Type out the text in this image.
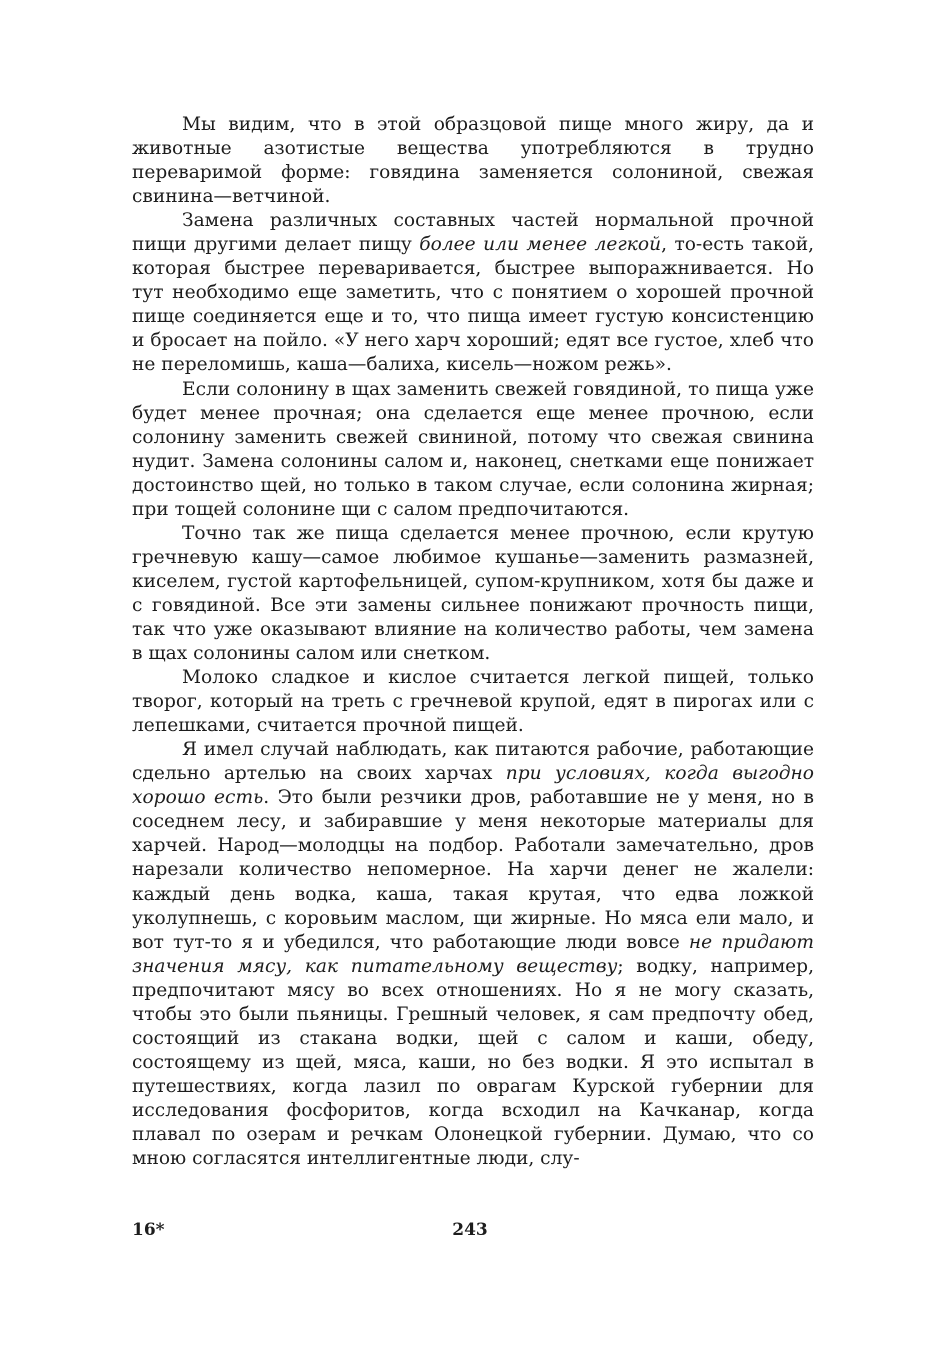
Мы видим, что в этой образцовой пище много жиру, да и животные азотистые вещества употребляются в трудно переваримой форме: говядина заменяется солониной, свежая свинина—ветчиной.

Замена различных составных частей нормальной прочной пищи другими делает пищу более или менее легкой, то-есть такой, которая быстрее переваривается, быстрее выпоражнивается. Но тут необходимо еще заметить, что с понятием о хорошей прочной пище соединяется еще и то, что пища имеет густую консистенцию и бросает на пойло. «У него харч хороший; едят все густое, хлеб что не переломишь, каша—балиха, кисель—ножом режь».

Если солонину в щах заменить свежей говядиной, то пища уже будет менее прочная; она сделается еще менее прочною, если солонину заменить свежей свининой, потому что свежая свинина нудит. Замена солонины салом и, наконец, снетками еще понижает достоинство щей, но только в таком случае, если солонина жирная; при тощей солонине щи с салом предпочитаются.

Точно так же пища сделается менее прочною, если крутую гречневую кашу—самое любимое кушанье—заменить размазней, киселем, густой картофельницей, супом-крупником, хотя бы даже и с говядиной. Все эти замены сильнее понижают прочность пищи, так что уже оказывают влияние на количество работы, чем замена в щах солонины салом или снетком.

Молоко сладкое и кислое считается легкой пищей, только творог, который на треть с гречневой крупой, едят в пирогах или с лепешками, считается прочной пищей.

Я имел случай наблюдать, как питаются рабочие, работающие сдельно артелью на своих харчах при условиях, когда выгодно хорошо есть. Это были резчики дров, работавшие не у меня, но в соседнем лесу, и забиравшие у меня некоторые материалы для харчей. Народ—молодцы на подбор. Работали замечательно, дров нарезали количество непомерное. На харчи денег не жалели: каждый день водка, каша, такая крутая, что едва ложкой уколупнешь, с коровьим маслом, щи жирные. Но мяса ели мало, и вот тут-то я и убедился, что работающие люди вовсе не придают значения мясу, как питательному веществу; водку, например, предпочитают мясу во всех отношениях. Но я не могу сказать, чтобы это были пьяницы. Грешный человек, я сам предпочту обед, состоящий из стакана водки, щей с салом и каши, обеду, состоящему из щей, мяса, каши, но без водки. Я это испытал в путешествиях, когда лазил по оврагам Курской губернии для исследования фосфоритов, когда всходил на Качканар, когда плавал по озерам и речкам Олонецкой губернии. Думаю, что со мною согласятся интеллигентные люди, слу-

16*	243
